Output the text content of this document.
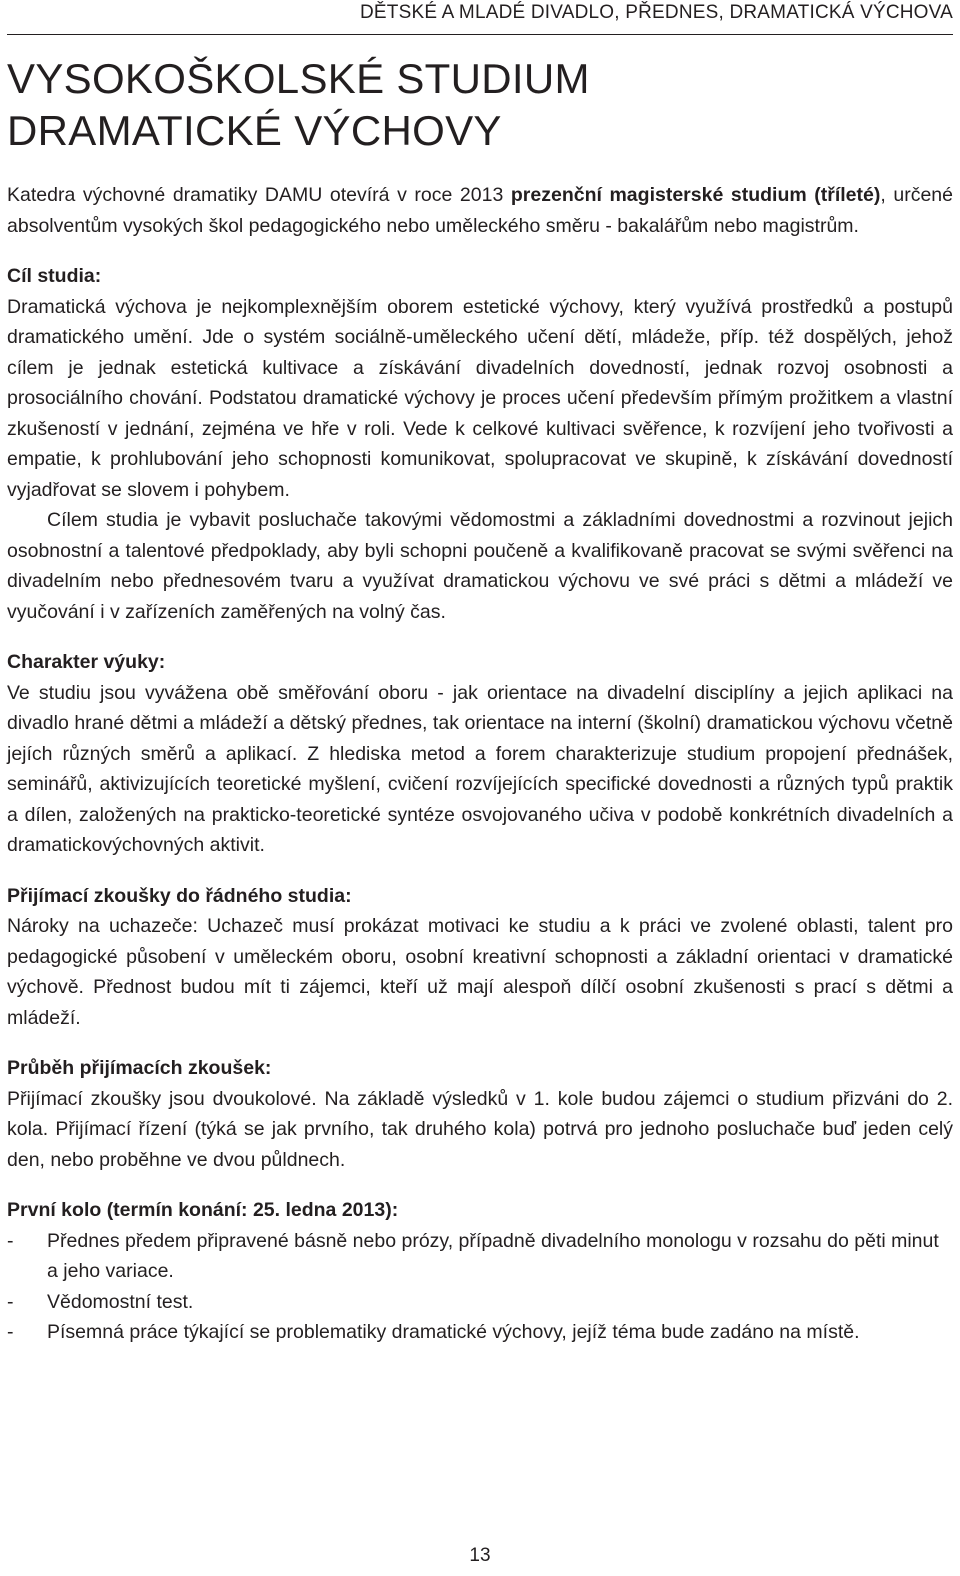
DĚTSKÉ A MLADÉ DIVADLO, PŘEDNES, DRAMATICKÁ VÝCHOVA
VYSOKOŠKOLSKÉ STUDIUM
DRAMATICKÉ VÝCHOVY

Katedra výchovné dramatiky DAMU otevírá v roce 2013 prezenční magisterské studium (tříleté), určené absolventům vysokých škol pedagogického nebo uměleckého směru - bakalářům nebo magistrům.

Cíl studia:

Dramatická výchova je nejkomplexnějším oborem estetické výchovy, který využívá prostředků a postupů dramatického umění. Jde o systém sociálně-uměleckého učení dětí, mládeže, příp. též dospělých, jehož cílem je jednak estetická kultivace a získávání divadelních dovedností, jednak rozvoj osobnosti a prosociálního chování. Podstatou dramatické výchovy je proces učení především přímým prožitkem a vlastní zkušeností v jednání, zejména ve hře v roli. Vede k celkové kultivaci svěřence, k rozvíjení jeho tvořivosti a empatie, k prohlubování jeho schopnosti komunikovat, spolupracovat ve skupině, k získávání dovedností vyjadřovat se slovem i pohybem.

Cílem studia je vybavit posluchače takovými vědomostmi a základními dovednostmi a rozvinout jejich osobnostní a talentové předpoklady, aby byli schopni poučeně a kvalifikovaně pracovat se svými svěřenci na divadelním nebo přednesovém tvaru a využívat dramatickou výchovu ve své práci s dětmi a mládeží ve vyučování i v zařízeních zaměřených na volný čas.

Charakter výuky:

Ve studiu jsou vyvážena obě směřování oboru - jak orientace na divadelní disciplíny a jejich aplikaci na divadlo hrané dětmi a mládeží a dětský přednes, tak orientace na interní (školní) dramatickou výchovu včetně jejích různých směrů a aplikací. Z hlediska metod a forem charakterizuje studium propojení přednášek, seminářů, aktivizujících teoretické myšlení, cvičení rozvíjejících specifické dovednosti a různých typů praktik a dílen, založených na prakticko-teoretické syntéze osvojovaného učiva v podobě konkrétních divadelních a dramatickovýchovných aktivit.

Přijímací zkoušky do řádného studia:

Nároky na uchazeče: Uchazeč musí prokázat motivaci ke studiu a k práci ve zvolené oblasti, talent pro pedagogické působení v uměleckém oboru, osobní kreativní schopnosti a základní orientaci v dramatické výchově. Přednost budou mít ti zájemci, kteří už mají alespoň dílčí osobní zkušenosti s prací s dětmi a mládeží.

Průběh přijímacích zkoušek:

Přijímací zkoušky jsou dvoukolové. Na základě výsledků v 1. kole budou zájemci o studium přizváni do 2. kola. Přijímací řízení (týká se jak prvního, tak druhého kola) potrvá pro jednoho posluchače buď jeden celý den, nebo proběhne ve dvou půldnech.

První kolo (termín konání: 25. ledna 2013):
- Přednes předem připravené básně nebo prózy, případně divadelního monologu v rozsahu do pěti minut a jeho variace.
- Vědomostní test.
- Písemná práce týkající se problematiky dramatické výchovy, jejíž téma bude zadáno na místě.
13
